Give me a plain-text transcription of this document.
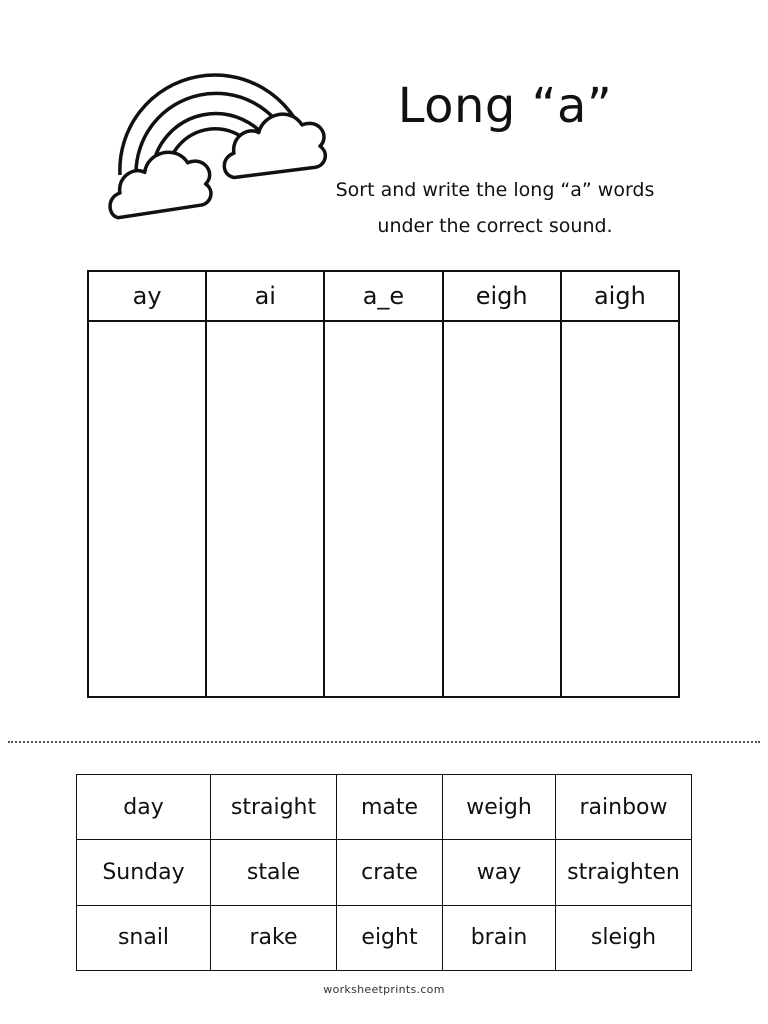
Long “a”
Sort and write the long “a” words
under the correct sound.
ay	ai	a_e	eigh	aigh

day	straight	mate	weigh	rainbow
Sunday	stale	crate	way	straighten
snail	rake	eight	brain	sleigh
worksheetprints.com
